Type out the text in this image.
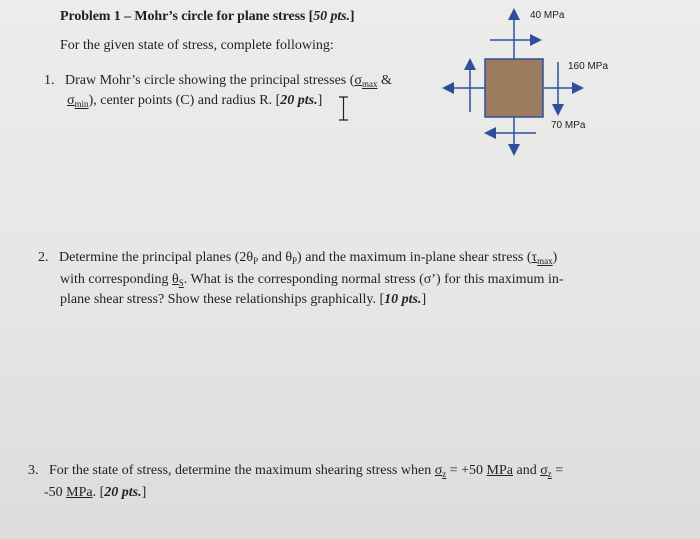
Problem 1 – Mohr’s circle for plane stress [50 pts.]
For the given state of stress, complete following:
1. Draw Mohr’s circle showing the principal stresses ($\sigma_{max}$ &
$\sigma_{min}$), center points (C) and radius R. [20 pts.]
2. Determine the principal planes ($2\theta_P$ and $\theta_P$) and the maximum in-plane shear stress $(\tau_{max})$
with corresponding $\theta_S$. What is the corresponding normal stress (σ’) for this maximum in-
plane shear stress? Show these relationships graphically. [10 pts.]
3. For the state of stress, determine the maximum shearing stress when $\sigma_z = +50$ MPa and $\sigma_z$ =
-50 MPa. [20 pts.]
40 MPa
160 MPa
70 MPa
